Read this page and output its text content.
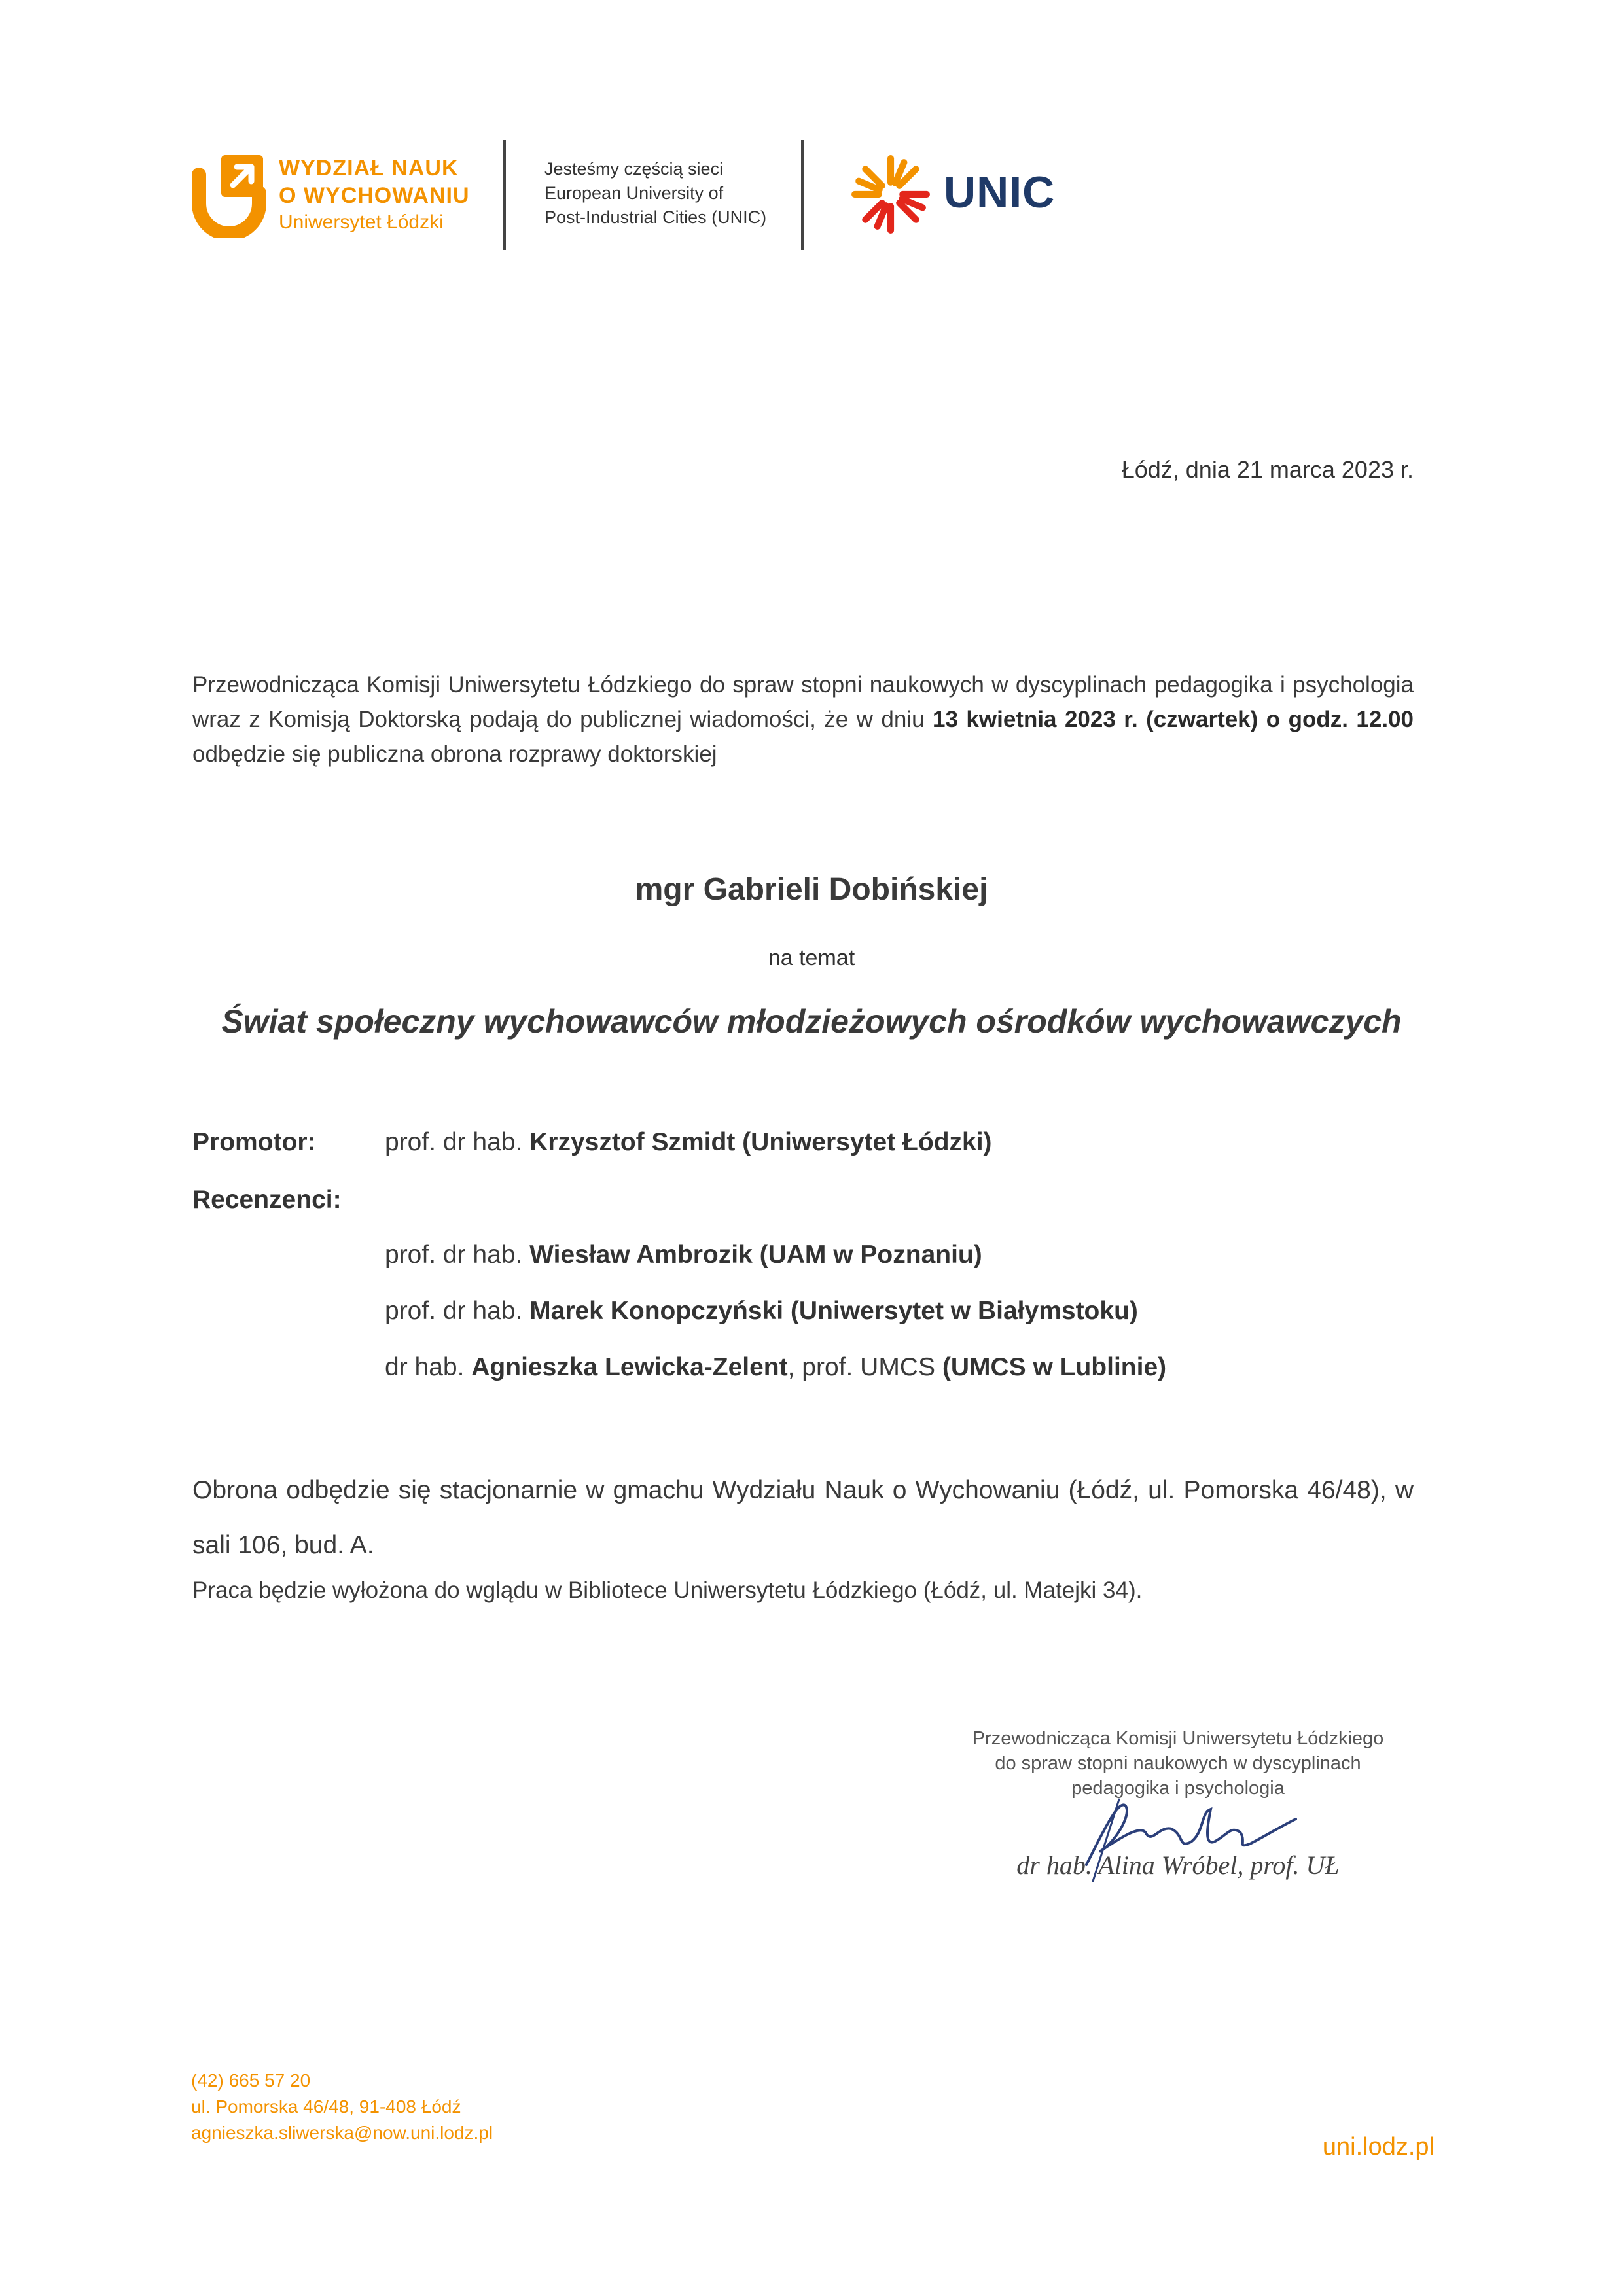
WYDZIAŁ NAUK
O WYCHOWANIU
Uniwersytet Łódzki
Jesteśmy częścią sieci
European University of
Post-Industrial Cities (UNIC)	UNIC
Łódź, dnia 21 marca 2023 r.
Przewodnicząca Komisji Uniwersytetu Łódzkiego do spraw stopni naukowych w dyscyplinach pedagogika i psychologia wraz z Komisją Doktorską podają do publicznej wiadomości, że w dniu 13 kwietnia 2023 r. (czwartek) o godz. 12.00 odbędzie się publiczna obrona rozprawy doktorskiej
mgr Gabrieli Dobińskiej
na temat
Świat społeczny wychowawców młodzieżowych ośrodków wychowawczych
Promotor:	prof. dr hab. Krzysztof Szmidt (Uniwersytet Łódzki)
Recenzenci:
prof. dr hab. Wiesław Ambrozik (UAM w Poznaniu)
prof. dr hab. Marek Konopczyński (Uniwersytet w Białymstoku)
dr hab. Agnieszka Lewicka-Zelent, prof. UMCS (UMCS w Lublinie)
Obrona odbędzie się stacjonarnie w gmachu Wydziału Nauk o Wychowaniu (Łódź, ul. Pomorska 46/48), w sali 106, bud. A.
Praca będzie wyłożona do wglądu w Bibliotece Uniwersytetu Łódzkiego (Łódź, ul. Matejki 34).
Przewodnicząca Komisji Uniwersytetu Łódzkiego
do spraw stopni naukowych w dyscyplinach
pedagogika i psychologia
dr hab. Alina Wróbel, prof. UŁ
(42) 665 57 20
ul. Pomorska 46/48, 91-408 Łódź
agnieszka.sliwerska@now.uni.lodz.pl
uni.lodz.pl
